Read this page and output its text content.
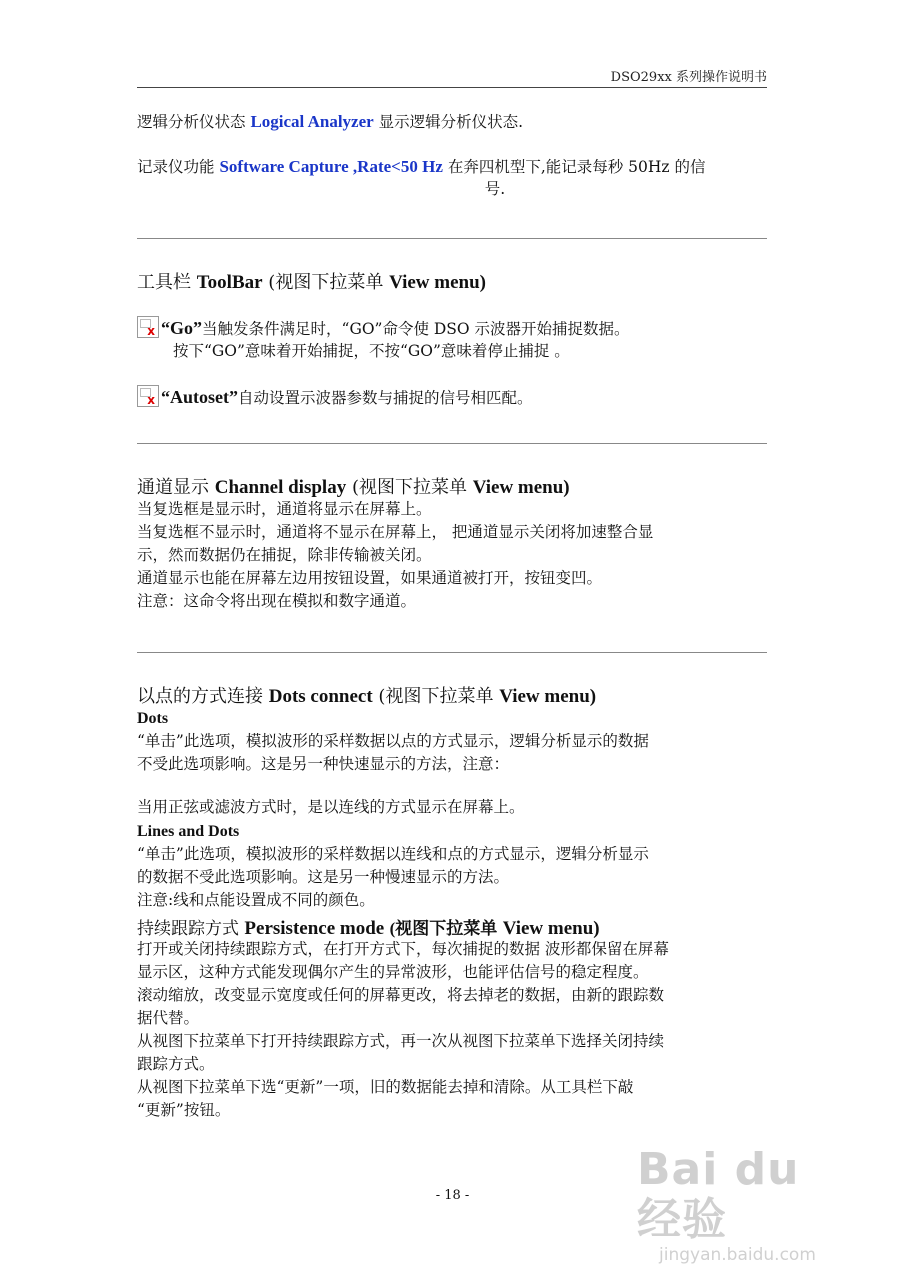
DSO29xx 系列操作说明书
逻辑分析仪状态 Logical Analyzer 显示逻辑分析仪状态.
记录仪功能 Software Capture ,Rate<50 Hz 在奔四机型下,能记录每秒 50Hz 的信
号.
工具栏 ToolBar (视图下拉菜单 View menu)
x “Go”当触发条件满足时，“GO”命令使 DSO 示波器开始捕捉数据。
按下“GO”意味着开始捕捉，不按“GO”意味着停止捕捉 。
x “Autoset”自动设置示波器参数与捕捉的信号相匹配。
通道显示 Channel display (视图下拉菜单 View menu)
当复选框是显示时，通道将显示在屏幕上。
当复选框不显示时，通道将不显示在屏幕上， 把通道显示关闭将加速整合显
示，然而数据仍在捕捉，除非传输被关闭。
通道显示也能在屏幕左边用按钮设置，如果通道被打开，按钮变凹。
注意：这命令将出现在模拟和数字通道。
以点的方式连接 Dots connect (视图下拉菜单 View menu)
Dots
“单击”此选项，模拟波形的采样数据以点的方式显示，逻辑分析显示的数据
不受此选项影响。这是另一种快速显示的方法，注意：
当用正弦或滤波方式时，是以连线的方式显示在屏幕上。
Lines and Dots
“单击”此选项，模拟波形的采样数据以连线和点的方式显示，逻辑分析显示
的数据不受此选项影响。这是另一种慢速显示的方法。
注意:线和点能设置成不同的颜色。
持续跟踪方式 Persistence mode (视图下拉菜单 View menu)
打开或关闭持续跟踪方式，在打开方式下，每次捕捉的数据 波形都保留在屏幕
显示区，这种方式能发现偶尔产生的异常波形，也能评估信号的稳定程度。
滚动缩放，改变显示宽度或任何的屏幕更改，将去掉老的数据，由新的跟踪数
据代替。
从视图下拉菜单下打开持续跟踪方式，再一次从视图下拉菜单下选择关闭持续
跟踪方式。
从视图下拉菜单下选“更新”一项，旧的数据能去掉和清除。从工具栏下敲
“更新”按钮。
- 18 -
Bai du 经验
jingyan.baidu.com
